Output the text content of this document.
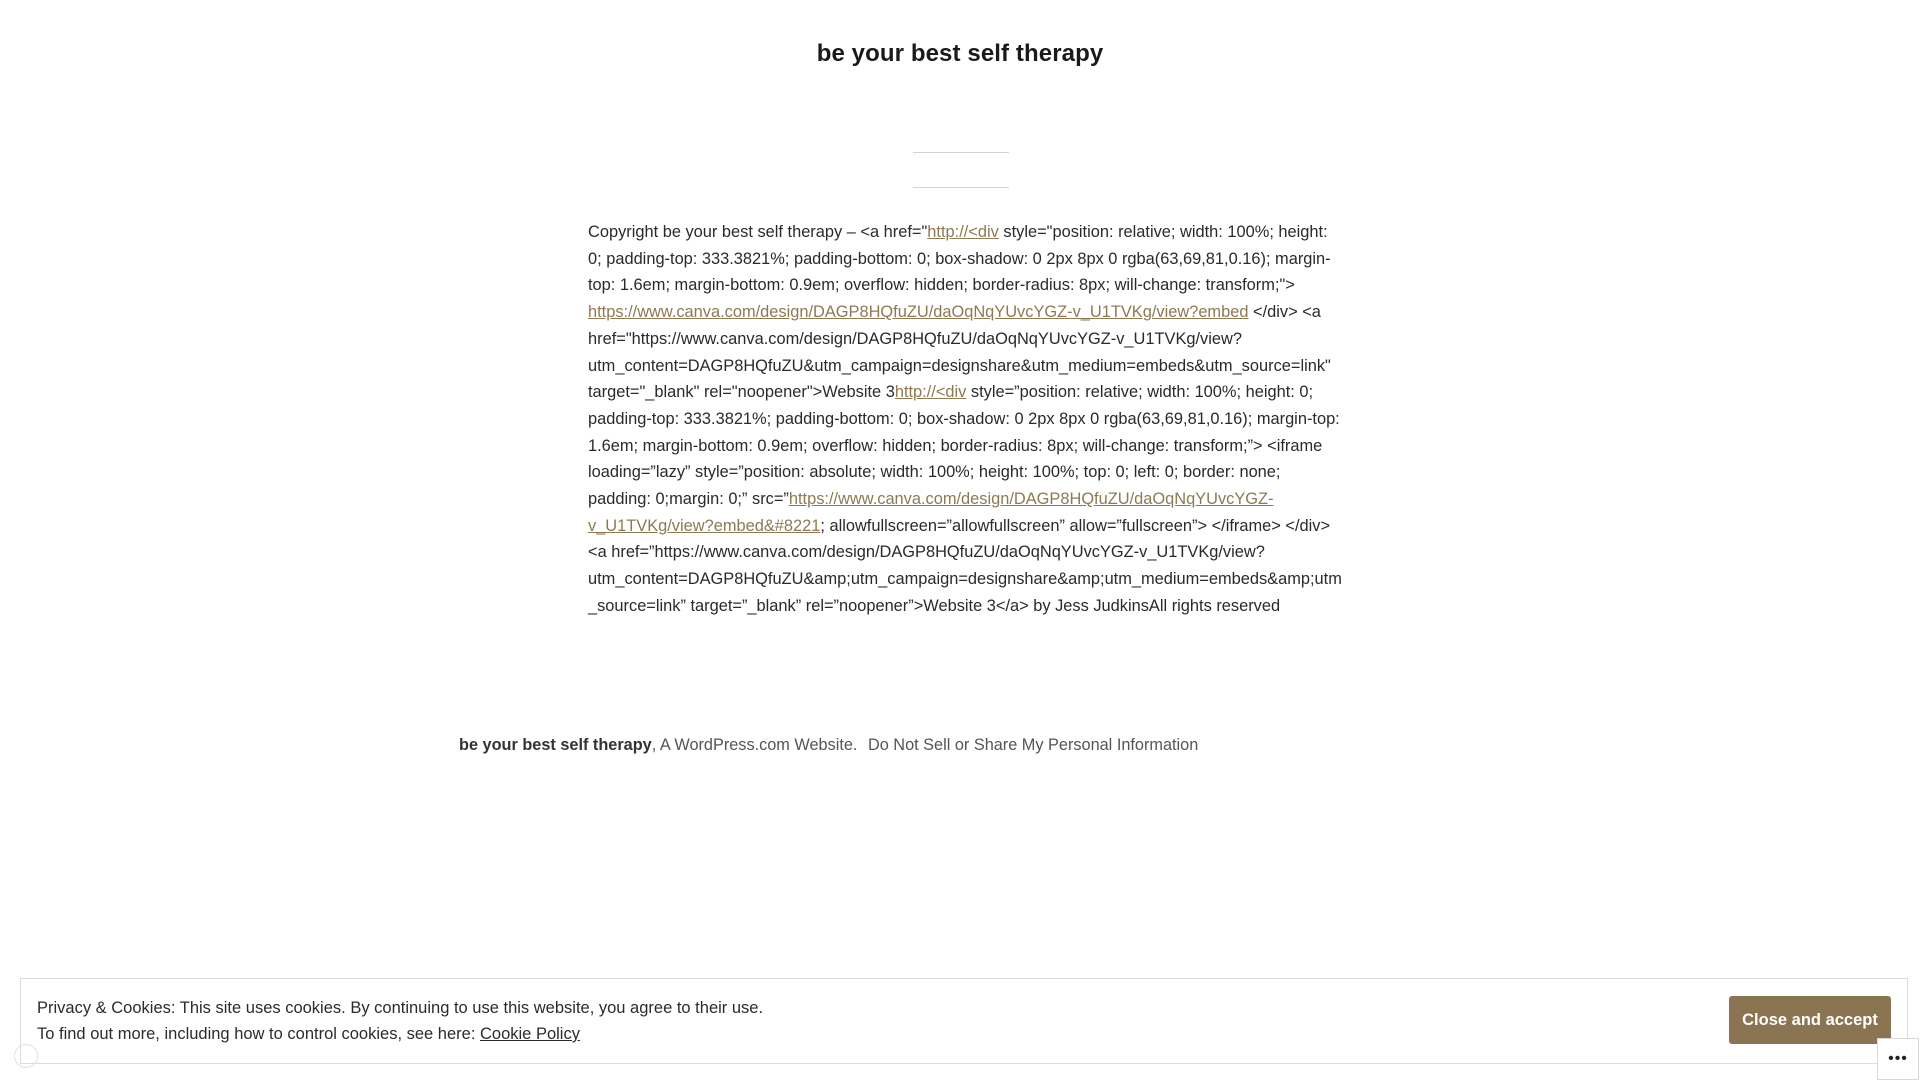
be your best self therapy

Copyright be your best self therapy – <a href="http://<div style="position: relative; width: 100%; height: 0; padding-top: 333.3821%; padding-bottom: 0; box-shadow: 0 2px 8px 0 rgba(63,69,81,0.16); margin-top: 1.6em; margin-bottom: 0.9em; overflow: hidden; border-radius: 8px; will-change: transform;"> https://www.canva.com/design/DAGP8HQfuZU/daOqNqYUvcYGZ-v_U1TVKg/view?embed </div> <a href="https://www.canva.com/design/DAGP8HQfuZU/daOqNqYUvcYGZ-v_U1TVKg/view?utm_content=DAGP8HQfuZU&utm_campaign=designshare&utm_medium=embeds&utm_source=link" target="_blank" rel="noopener">Website 3http://<div style=”position: relative; width: 100%; height: 0; padding-top: 333.3821%; padding-bottom: 0; box-shadow: 0 2px 8px 0 rgba(63,69,81,0.16); margin-top: 1.6em; margin-bottom: 0.9em; overflow: hidden; border-radius: 8px; will-change: transform;”> <iframe loading=”lazy” style=”position: absolute; width: 100%; height: 100%; top: 0; left: 0; border: none; padding: 0;margin: 0;” src=”https://www.canva.com/design/DAGP8HQfuZU/daOqNqYUvcYGZ-v_U1TVKg/view?embed&#8221; allowfullscreen=”allowfullscreen” allow=”fullscreen”> </iframe> </div> <a href=”https://www.canva.com/design/DAGP8HQfuZU/daOqNqYUvcYGZ-v_U1TVKg/view?utm_content=DAGP8HQfuZU&amp;utm_campaign=designshare&amp;utm_medium=embeds&amp;utm_source=link” target=”_blank” rel=”noopener”>Website 3</a> by Jess JudkinsAll rights reserved

be your best self therapy, A WordPress.com Website. Do Not Sell or Share My Personal Information
Privacy & Cookies: This site uses cookies. By continuing to use this website, you agree to their use.
To find out more, including how to control cookies, see here: Cookie Policy
Close and accept
•••
